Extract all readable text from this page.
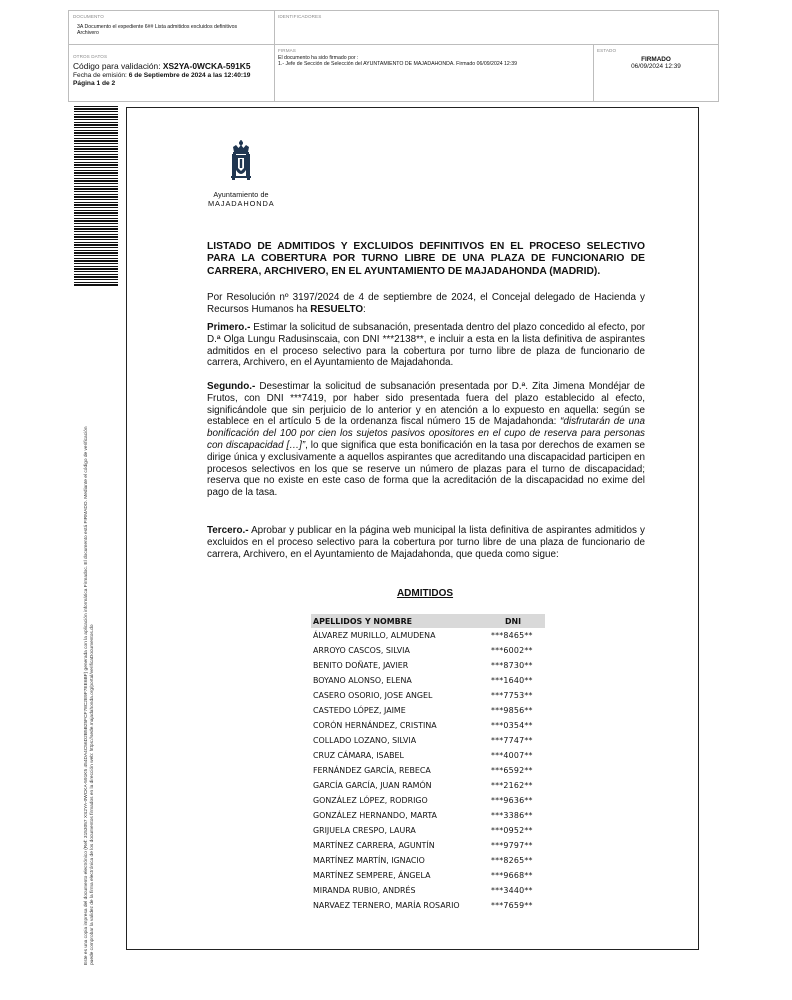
DOCUMENTO
3A Documento el expediente 6## Lista admitidos excluidos definitivos Archivero
IDENTIFICADORES
OTROS DATOS
Código para validación: XS2YA-0WCKA-591K5
Fecha de emisión: 6 de Septiembre de 2024 a las 12:40:19
Página 1 de 2
FIRMAS
El documento ha sido firmado por :
1.- Jefe de Sección de Selección del AYUNTAMIENTO DE MAJADAHONDA. Firmado 06/09/2024 12:39
ESTADO
FIRMADO
06/09/2024 12:39
Este es una copia impresa del documento electrónico (Ref: 3153057 XS2YA-0WCKA-591K5 454DA4C56D2B5B25FCF78C2E9F7EE6BF) generada con la aplicación informática Firmadoc. El documento está FIRMADO. Mediante el código de verificación puede comprobar la validez de la firma electrónica de los documentos firmados en la dirección web: https://sede.majadahonda.org/portal/verificaDocumentos.do
Ayuntamiento de
MAJADAHONDA
LISTADO DE ADMITIDOS Y EXCLUIDOS DEFINITIVOS EN EL PROCESO SELECTIVO PARA LA COBERTURA POR TURNO LIBRE DE UNA PLAZA DE FUNCIONARIO DE CARRERA, ARCHIVERO, EN EL AYUNTAMIENTO DE MAJADAHONDA (MADRID).
Por Resolución nº 3197/2024 de 4 de septiembre de 2024, el Concejal delegado de Hacienda y Recursos Humanos ha RESUELTO:
Primero.- Estimar la solicitud de subsanación, presentada dentro del plazo concedido al efecto, por D.ª Olga Lungu Radusinscaia, con DNI ***2138**, e incluir a esta en la lista definitiva de aspirantes admitidos en el proceso selectivo para la cobertura por turno libre de plaza de funcionario de carrera, Archivero, en el Ayuntamiento de Majadahonda.
Segundo.- Desestimar la solicitud de subsanación presentada por D.ª. Zita Jimena Mondéjar de Frutos, con DNI ***7419, por haber sido presentada fuera del plazo establecido al efecto, significándole que sin perjuicio de lo anterior y en atención a lo expuesto en aquella: según se establece en el artículo 5 de la ordenanza fiscal número 15 de Majadahonda: “disfrutarán de una bonificación del 100 por cien los sujetos pasivos opositores en el cupo de reserva para personas con discapacidad […]”, lo que significa que esta bonificación en la tasa por derechos de examen se dirige única y exclusivamente a aquellos aspirantes que acreditando una discapacidad participen en procesos selectivos en los que se reserve un número de plazas para el turno de discapacidad; reserva que no existe en este caso de forma que la acreditación de la discapacidad no exime del pago de la tasa.
Tercero.- Aprobar y publicar en la página web municipal la lista definitiva de aspirantes admitidos y excluidos en el proceso selectivo para la cobertura por turno libre de una plaza de funcionario de carrera, Archivero, en el Ayuntamiento de Majadahonda, que queda como sigue:
ADMITIDOS
APELLIDOS Y NOMBRE	DNI
ÁLVAREZ MURILLO, ALMUDENA	***8465**
ARROYO CASCOS, SILVIA	***6002**
BENITO DOÑATE, JAVIER	***8730**
BOYANO ALONSO, ELENA	***1640**
CASERO OSORIO, JOSE ANGEL	***7753**
CASTEDO LÓPEZ, JAIME	***9856**
CORÓN HERNÁNDEZ, CRISTINA	***0354**
COLLADO LOZANO, SILVIA	***7747**
CRUZ CÁMARA, ISABEL	***4007**
FERNÁNDEZ GARCÍA, REBECA	***6592**
GARCÍA GARCÍA, JUAN RAMÓN	***2162**
GONZÁLEZ LÓPEZ, RODRIGO	***9636**
GONZÁLEZ HERNANDO, MARTA	***3386**
GRIJUELA CRESPO, LAURA	***0952**
MARTÍNEZ CARRERA, AGUNTÍN	***9797**
MARTÍNEZ MARTÍN, IGNACIO	***8265**
MARTÍNEZ SEMPERE, ÁNGELA	***9668**
MIRANDA RUBIO, ANDRÉS	***3440**
NARVAEZ TERNERO, MARÍA ROSARIO	***7659**
